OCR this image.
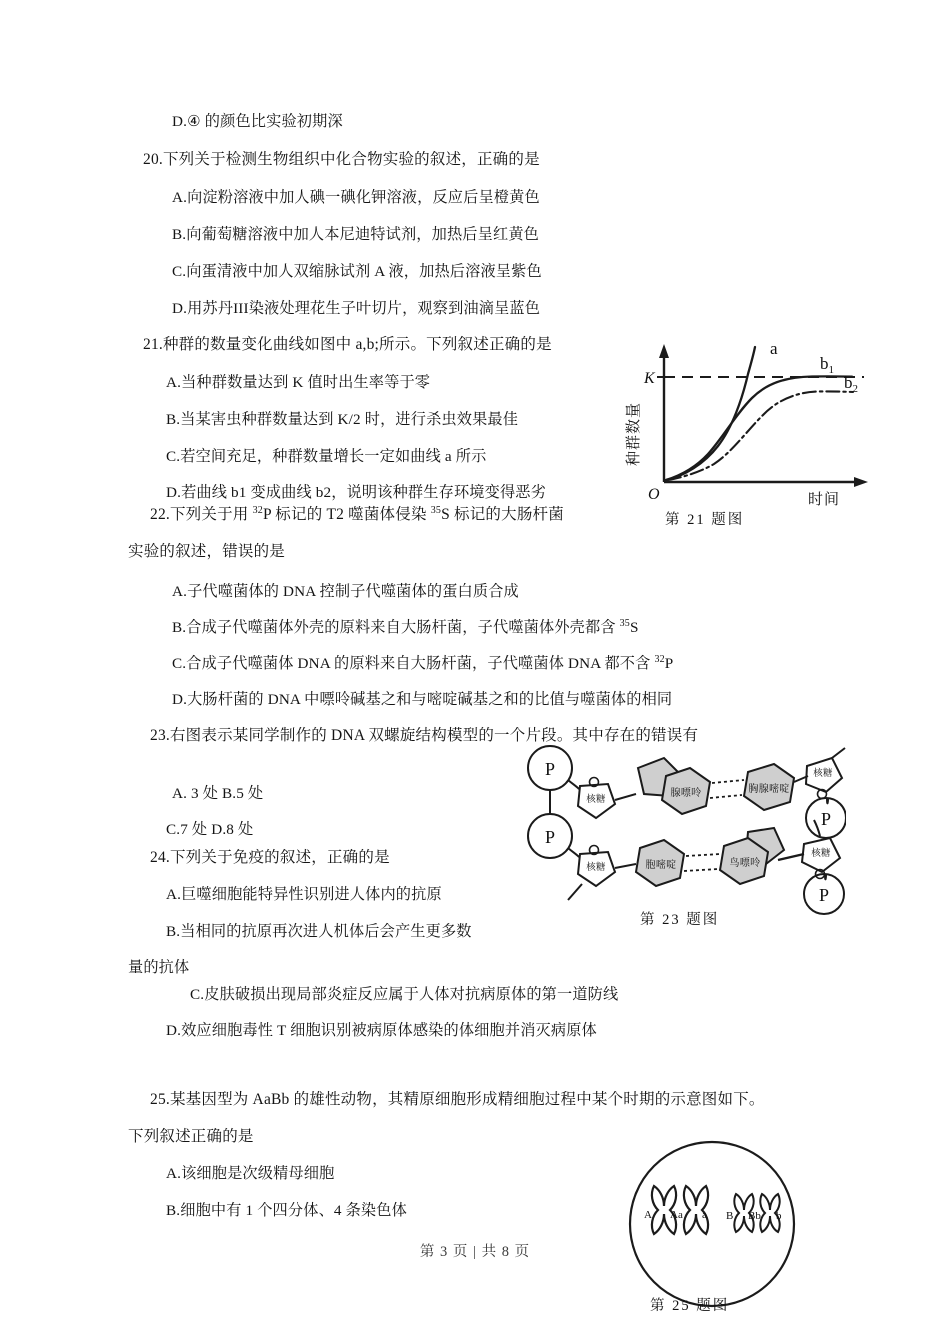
D.④ 的颜色比实验初期深
20.下列关于检测生物组织中化合物实验的叙述，正确的是
A.向淀粉溶液中加人碘一碘化钾溶液，反应后呈橙黄色
B.向葡萄糖溶液中加人本尼迪特试剂，加热后呈红黄色
C.向蛋清液中加人双缩脉试剂 A 液，加热后溶液呈紫色
D.用苏丹III染液处理花生子叶切片，观察到油滴呈蓝色
21.种群的数量变化曲线如图中 a,b;所示。下列叙述正确的是
A.当种群数量达到 K 值时出生率等于零
B.当某害虫种群数量达到 K/2 时，进行杀虫效果最佳
C.若空间充足，种群数量增长一定如曲线 a 所示
D.若曲线 b1 变成曲线 b2，说明该种群生存环境变得恶劣
K
O
a
$b_1$
$b_2$
种群数量
时间
第 21 题图
22.下列关于用 $^{32}$P 标记的 T2 噬菌体侵染 $^{35}$S 标记的大肠杆菌
实验的叙述，错误的是
A.子代噬菌体的 DNA 控制子代噬菌体的蛋白质合成
B.合成子代噬菌体外壳的原料来自大肠杆菌，子代噬菌体外壳都含 $^{35}$S
C.合成子代噬菌体 DNA 的原料来自大肠杆菌，子代噬菌体 DNA 都不含 $^{32}$P
D.大肠杆菌的 DNA 中嘌呤碱基之和与嘧啶碱基之和的比值与噬菌体的相同
23.右图表示某同学制作的 DNA 双螺旋结构模型的一个片段。其中存在的错误有
A. 3 处 B.5 处
C.7 处 D.8 处
P
核糖
腺嘌呤	胸腺嘧啶
核糖
P
P
核糖	胞嘧啶	鸟嘌呤
核糖
P
第 23 题图
24.下列关于免疫的叙述，正确的是
A.巨噬细胞能特异性识别进人体内的抗原
B.当相同的抗原再次进人机体后会产生更多数
量的抗体
C.皮肤破损出现局部炎症反应属于人体对抗病原体的第一道防线
D.效应细胞毒性 T 细胞识别被病原体感染的体细胞并消灭病原体
25.某基因型为 AaBb 的雄性动物，其精原细胞形成精细胞过程中某个时期的示意图如下。
下列叙述正确的是
A.该细胞是次级精母细胞
B.细胞中有 1 个四分体、4 条染色体	A Aa a B Bb b
第 25 题图
第 3 页 | 共 8 页
